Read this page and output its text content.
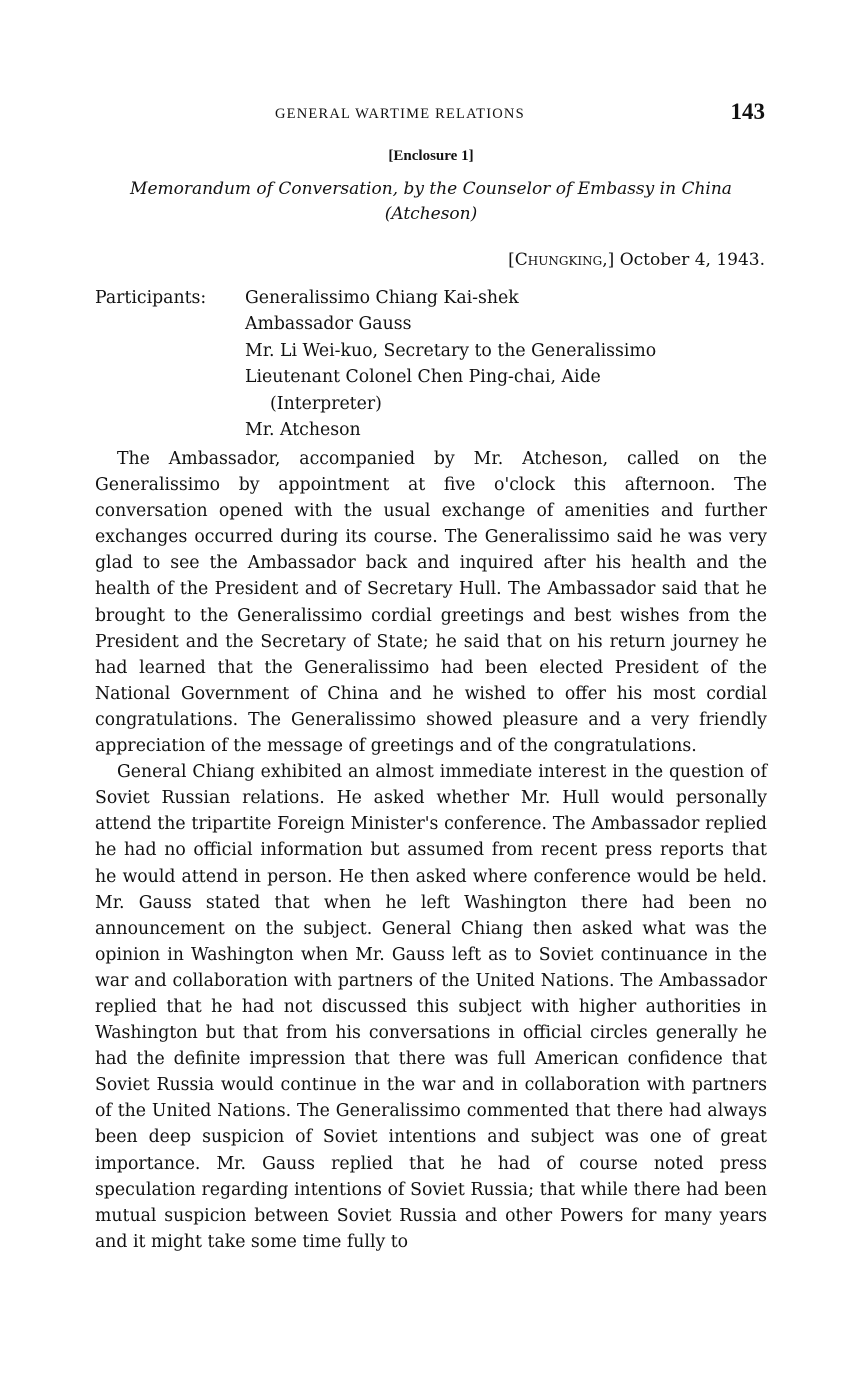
GENERAL WARTIME RELATIONS	143
[Enclosure 1]
Memorandum of Conversation, by the Counselor of Embassy in China (Atcheson)
[Chungking,] October 4, 1943.
Participants: Generalissimo Chiang Kai-shek
Ambassador Gauss
Mr. Li Wei-kuo, Secretary to the Generalissimo
Lieutenant Colonel Chen Ping-chai, Aide
(Interpreter)
Mr. Atcheson

The Ambassador, accompanied by Mr. Atcheson, called on the Generalissimo by appointment at five o'clock this afternoon. The conversation opened with the usual exchange of amenities and further exchanges occurred during its course. The Generalissimo said he was very glad to see the Ambassador back and inquired after his health and the health of the President and of Secretary Hull. The Ambassador said that he brought to the Generalissimo cordial greetings and best wishes from the President and the Secretary of State; he said that on his return journey he had learned that the Generalissimo had been elected President of the National Government of China and he wished to offer his most cordial congratulations. The Generalissimo showed pleasure and a very friendly appreciation of the message of greetings and of the congratulations.

General Chiang exhibited an almost immediate interest in the question of Soviet Russian relations. He asked whether Mr. Hull would personally attend the tripartite Foreign Minister's conference. The Ambassador replied he had no official information but assumed from recent press reports that he would attend in person. He then asked where conference would be held. Mr. Gauss stated that when he left Washington there had been no announcement on the subject. General Chiang then asked what was the opinion in Washington when Mr. Gauss left as to Soviet continuance in the war and collaboration with partners of the United Nations. The Ambassador replied that he had not discussed this subject with higher authorities in Washington but that from his conversations in official circles generally he had the definite impression that there was full American confidence that Soviet Russia would continue in the war and in collaboration with partners of the United Nations. The Generalissimo commented that there had always been deep suspicion of Soviet intentions and subject was one of great importance. Mr. Gauss replied that he had of course noted press speculation regarding intentions of Soviet Russia; that while there had been mutual suspicion between Soviet Russia and other Powers for many years and it might take some time fully to
